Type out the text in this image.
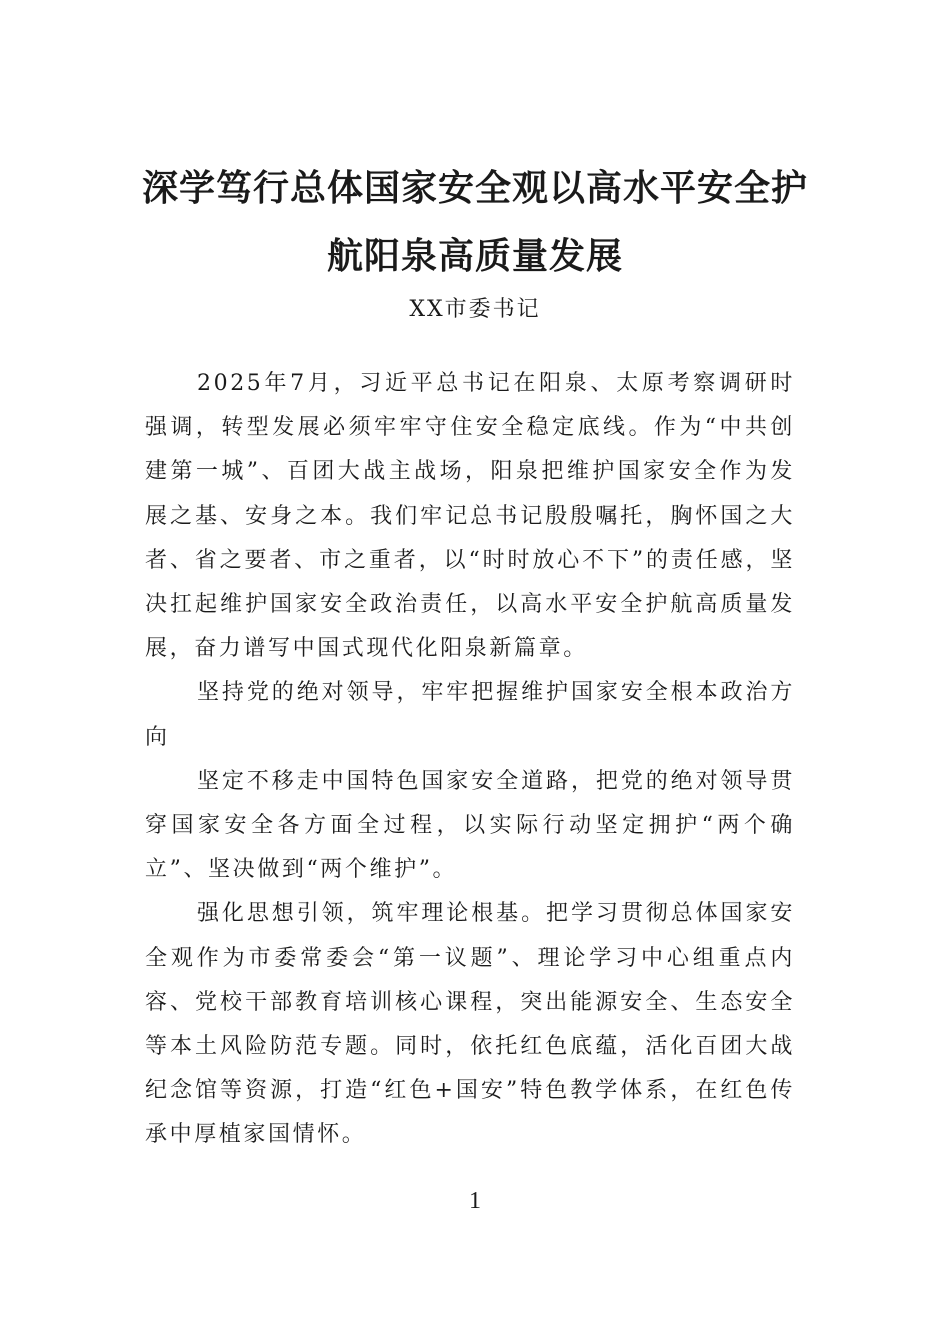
深学笃行总体国家安全观以高水平安全护
航阳泉高质量发展
XX市委书记

2025年7月，习近平总书记在阳泉、太原考察调研时强调，转型发展必须牢牢守住安全稳定底线。作为“中共创建第一城”、百团大战主战场，阳泉把维护国家安全作为发展之基、安身之本。我们牢记总书记殷殷嘱托，胸怀国之大者、省之要者、市之重者，以“时时放心不下”的责任感，坚决扛起维护国家安全政治责任，以高水平安全护航高质量发展，奋力谱写中国式现代化阳泉新篇章。

坚持党的绝对领导，牢牢把握维护国家安全根本政治方向

坚定不移走中国特色国家安全道路，把党的绝对领导贯穿国家安全各方面全过程，以实际行动坚定拥护“两个确立”、坚决做到“两个维护”。

强化思想引领，筑牢理论根基。把学习贯彻总体国家安全观作为市委常委会“第一议题”、理论学习中心组重点内容、党校干部教育培训核心课程，突出能源安全、生态安全等本土风险防范专题。同时，依托红色底蕴，活化百团大战纪念馆等资源，打造“红色+国安”特色教学体系，在红色传承中厚植家国情怀。

1
